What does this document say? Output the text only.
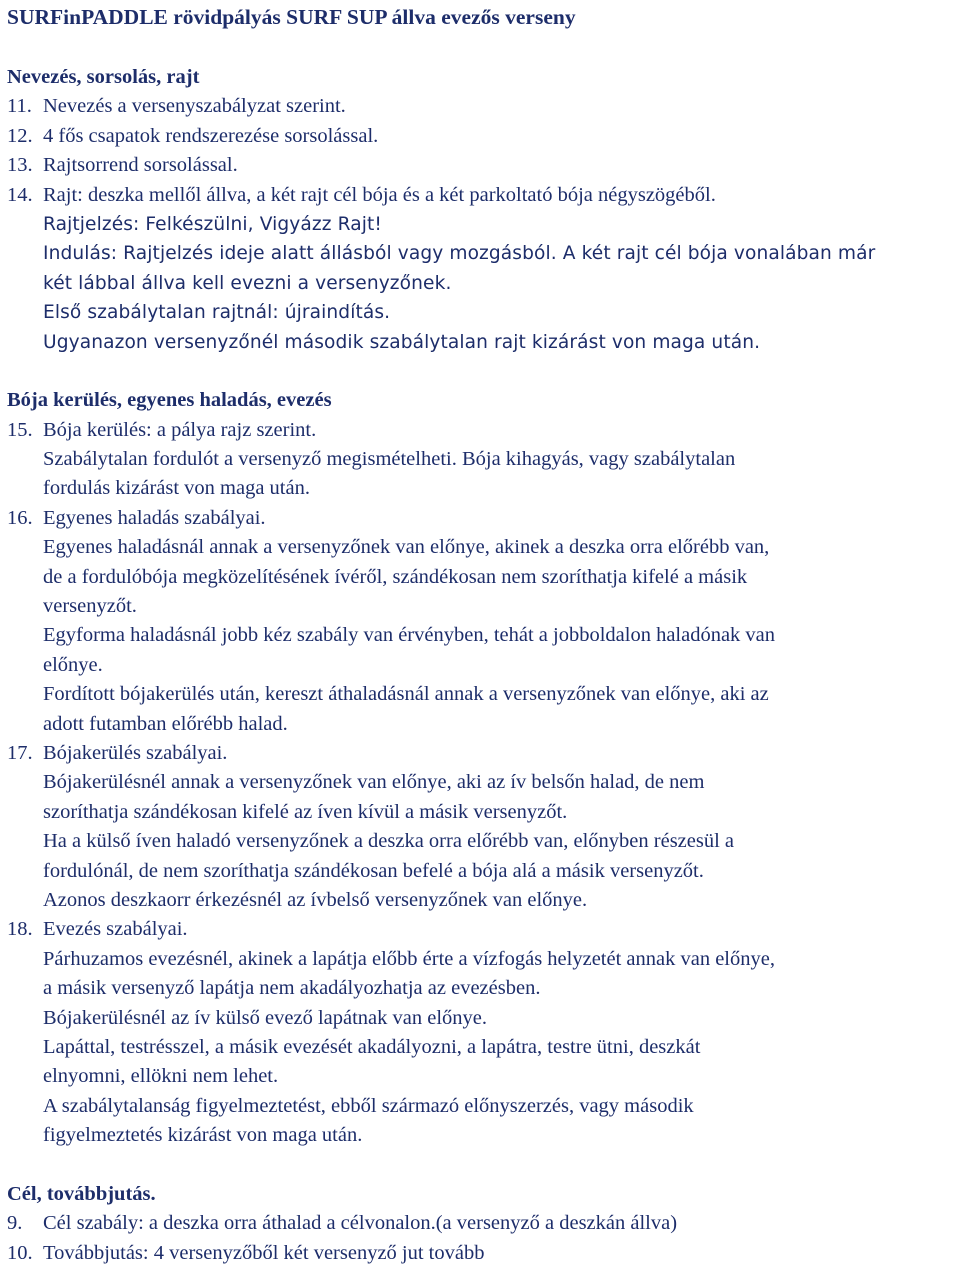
SURFinPADDLE rövidpályás SURF SUP állva evezős verseny
Nevezés, sorsolás, rajt
11. Nevezés a versenyszabályzat szerint.
12. 4 fős csapatok rendszerezése sorsolással.
13. Rajtsorrend sorsolással.
14. Rajt: deszka mellől állva, a két rajt cél bója és a két parkoltató bója négyszögéből.
Rajtjelzés: Felkészülni, Vigyázz Rajt!
Indulás: Rajtjelzés ideje alatt állásból vagy mozgásból. A két rajt cél bója vonalában már
két lábbal állva kell evezni a versenyzőnek.
Első szabálytalan rajtnál: újraindítás.
Ugyanazon versenyzőnél második szabálytalan rajt kizárást von maga után.
Bója kerülés, egyenes haladás, evezés
15. Bója kerülés: a pálya rajz szerint.
Szabálytalan fordulót a versenyző megismételheti. Bója kihagyás, vagy szabálytalan
fordulás kizárást von maga után.
16. Egyenes haladás szabályai.
Egyenes haladásnál annak a versenyzőnek van előnye, akinek a deszka orra előrébb van,
de a fordulóbója megközelítésének ívéről, szándékosan nem szoríthatja kifelé a másik
versenyzőt.
Egyforma haladásnál jobb kéz szabály van érvényben, tehát a jobboldalon haladónak van
előnye.
Fordított bójakerülés után, kereszt áthaladásnál annak a versenyzőnek van előnye, aki az
adott futamban előrébb halad.
17. Bójakerülés szabályai.
Bójakerülésnél annak a versenyzőnek van előnye, aki az ív belsőn halad, de nem
szoríthatja szándékosan kifelé az íven kívül a másik versenyzőt.
Ha a külső íven haladó versenyzőnek a deszka orra előrébb van, előnyben részesül a
fordulónál, de nem szoríthatja szándékosan befelé a bója alá a másik versenyzőt.
Azonos deszkaorr érkezésnél az ívbelső versenyzőnek van előnye.
18. Evezés szabályai.
Párhuzamos evezésnél, akinek a lapátja előbb érte a vízfogás helyzetét annak van előnye,
a másik versenyző lapátja nem akadályozhatja az evezésben.
Bójakerülésnél az ív külső evező lapátnak van előnye.
Lapáttal, testrésszel, a másik evezését akadályozni, a lapátra, testre ütni, deszkát
elnyomni, ellökni nem lehet.
A szabálytalanság figyelmeztetést, ebből származó előnyszerzés, vagy második
figyelmeztetés kizárást von maga után.
Cél, továbbjutás.
9. Cél szabály: a deszka orra áthalad a célvonalon.(a versenyző a deszkán állva)
10. Továbbjutás: 4 versenyzőből két versenyző jut tovább
